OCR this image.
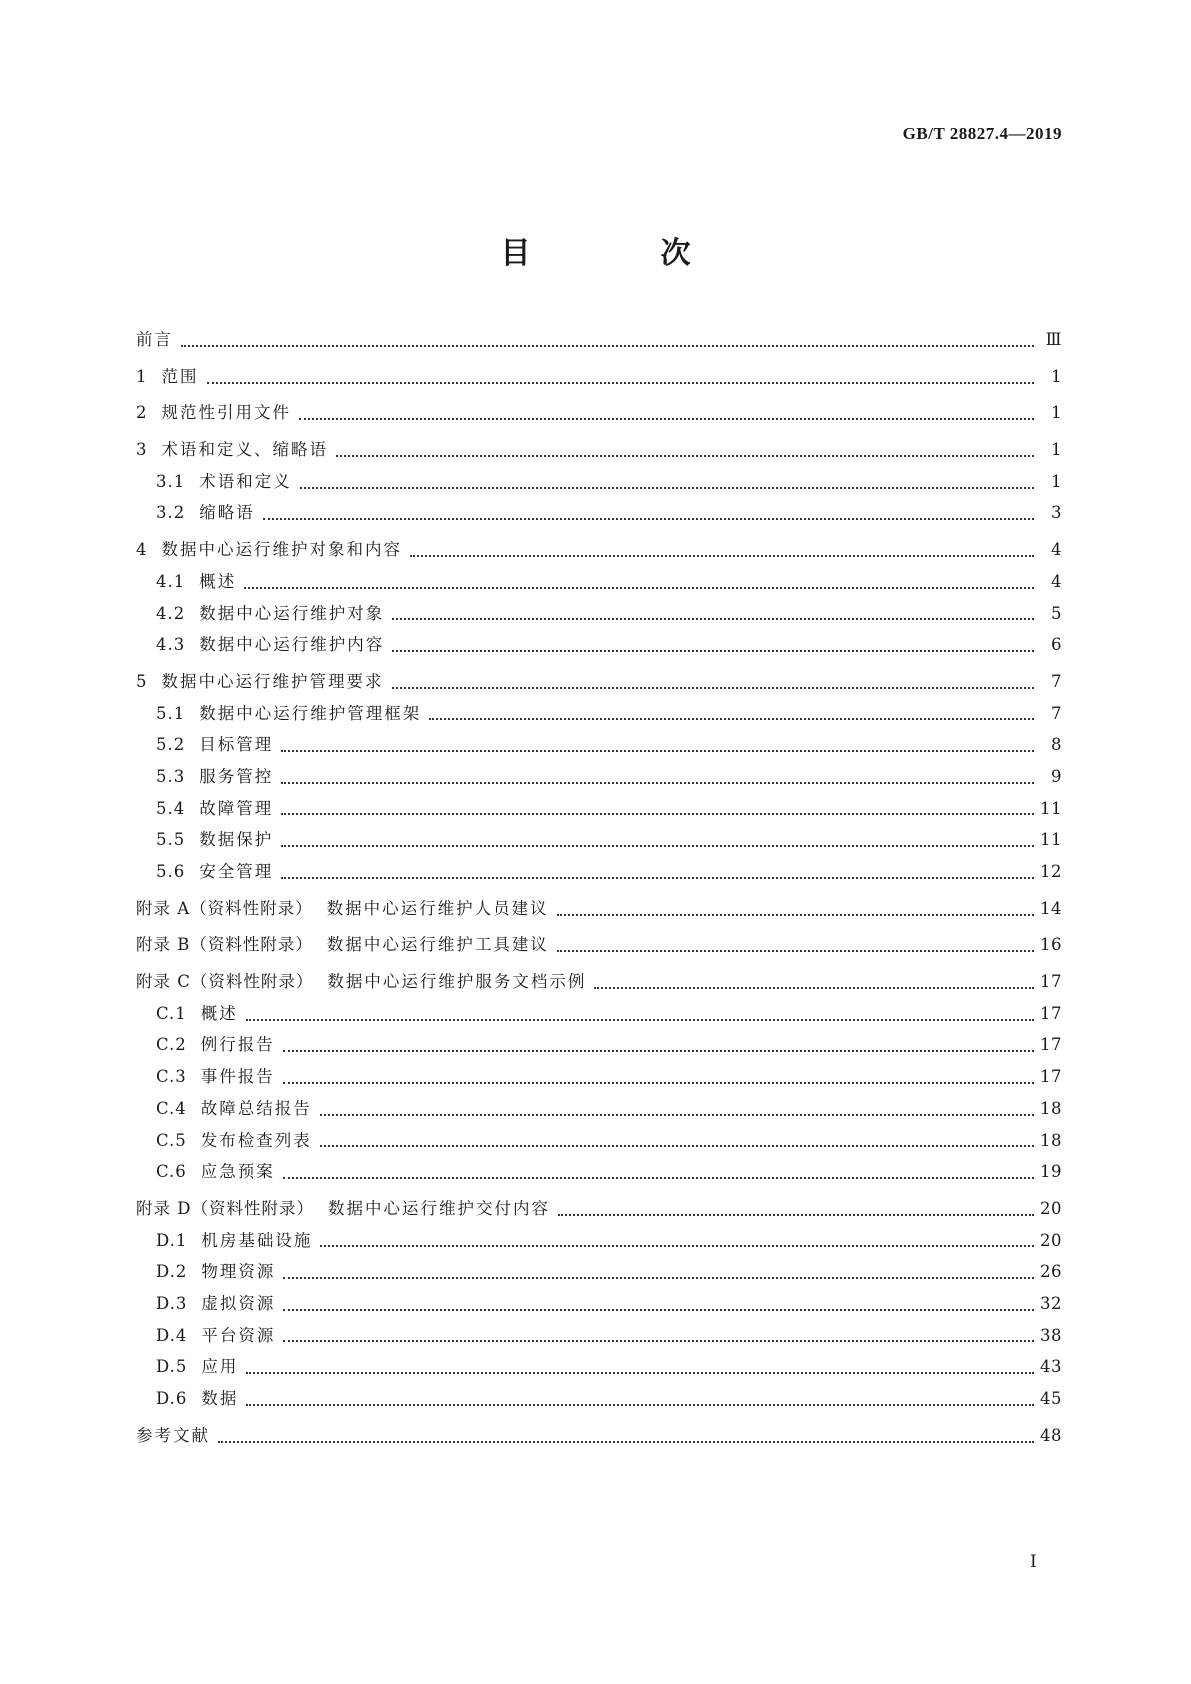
GB/T 28827.4—2019
目　次
前言	Ⅲ
1 范围	1
2 规范性引用文件	1
3 术语和定义、缩略语	1
3.1 术语和定义	1
3.2 缩略语	3
4 数据中心运行维护对象和内容	4
4.1 概述	4
4.2 数据中心运行维护对象	5
4.3 数据中心运行维护内容	6
5 数据中心运行维护管理要求	7
5.1 数据中心运行维护管理框架	7
5.2 目标管理	8
5.3 服务管控	9
5.4 故障管理	11
5.5 数据保护	11
5.6 安全管理	12
附录 A（资料性附录） 数据中心运行维护人员建议	14
附录 B（资料性附录） 数据中心运行维护工具建议	16
附录 C（资料性附录） 数据中心运行维护服务文档示例	17
C.1 概述	17
C.2 例行报告	17
C.3 事件报告	17
C.4 故障总结报告	18
C.5 发布检查列表	18
C.6 应急预案	19
附录 D（资料性附录） 数据中心运行维护交付内容	20
D.1 机房基础设施	20
D.2 物理资源	26
D.3 虚拟资源	32
D.4 平台资源	38
D.5 应用	43
D.6 数据	45
参考文献	48
I
